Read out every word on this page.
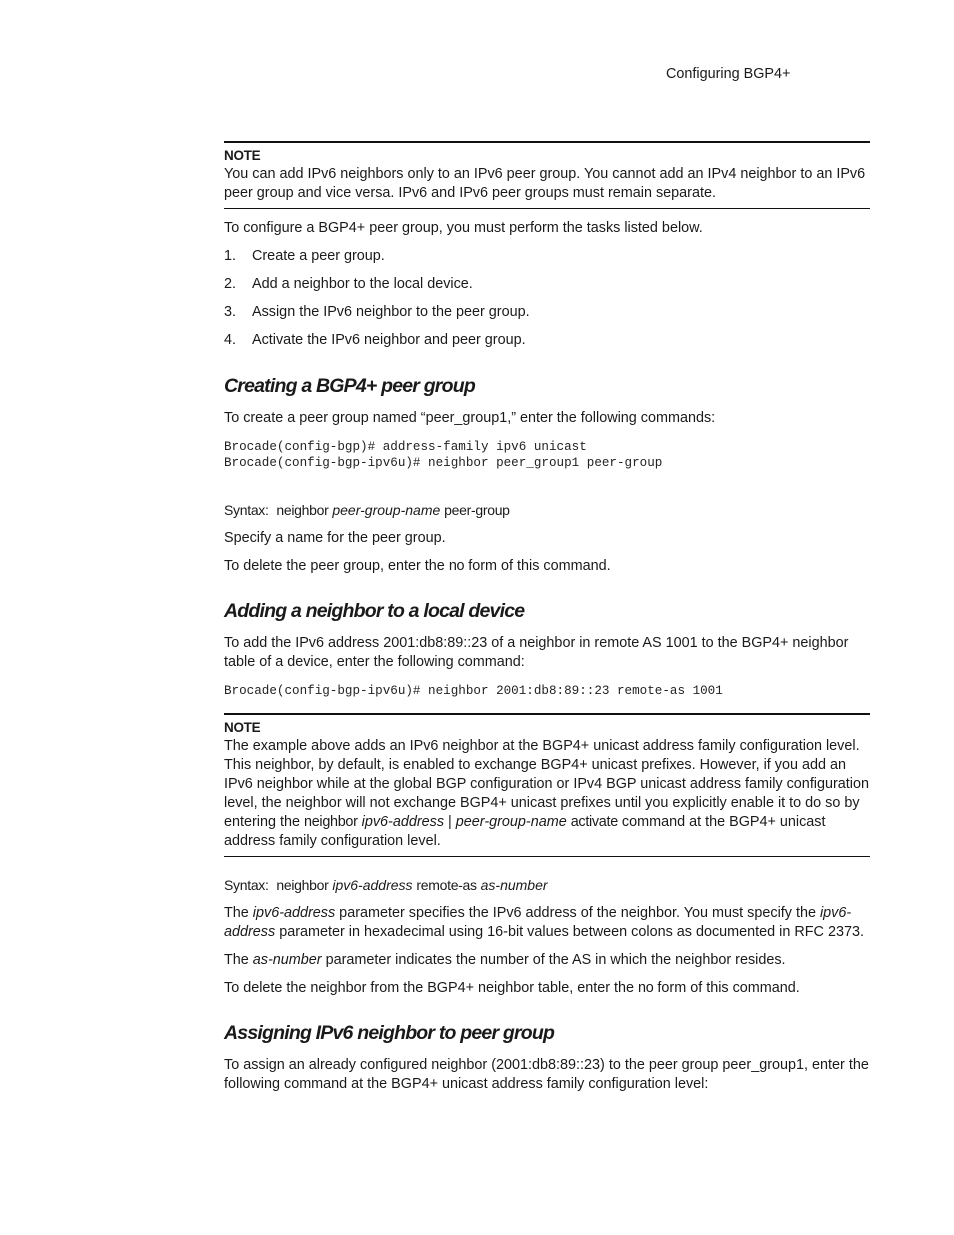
Configuring BGP4+
NOTE

You can add IPv6 neighbors only to an IPv6 peer group. You cannot add an IPv4 neighbor to an IPv6 peer group and vice versa. IPv6 and IPv6 peer groups must remain separate.

To configure a BGP4+ peer group, you must perform the tasks listed below.

1.	Create a peer group.
2.	Add a neighbor to the local device.
3.	Assign the IPv6 neighbor to the peer group.
4.	Activate the IPv6 neighbor and peer group.
Creating a BGP4+ peer group

To create a peer group named “peer_group1,” enter the following commands:

Brocade(config-bgp)# address-family ipv6 unicast
Brocade(config-bgp-ipv6u)# neighbor peer_group1 peer-group

Syntax: neighbor peer-group-name peer-group

Specify a name for the peer group.

To delete the peer group, enter the no form of this command.

Adding a neighbor to a local device

To add the IPv6 address 2001:db8:89::23 of a neighbor in remote AS 1001 to the BGP4+ neighbor table of a device, enter the following command:

Brocade(config-bgp-ipv6u)# neighbor 2001:db8:89::23 remote-as 1001
NOTE

The example above adds an IPv6 neighbor at the BGP4+ unicast address family configuration level. This neighbor, by default, is enabled to exchange BGP4+ unicast prefixes. However, if you add an IPv6 neighbor while at the global BGP configuration or IPv4 BGP unicast address family configuration level, the neighbor will not exchange BGP4+ unicast prefixes until you explicitly enable it to do so by entering the neighbor ipv6-address | peer-group-name activate command at the BGP4+ unicast address family configuration level.

Syntax: neighbor ipv6-address remote-as as-number

The ipv6-address parameter specifies the IPv6 address of the neighbor. You must specify the ipv6-address parameter in hexadecimal using 16-bit values between colons as documented in RFC 2373.

The as-number parameter indicates the number of the AS in which the neighbor resides.

To delete the neighbor from the BGP4+ neighbor table, enter the no form of this command.

Assigning IPv6 neighbor to peer group

To assign an already configured neighbor (2001:db8:89::23) to the peer group peer_group1, enter the following command at the BGP4+ unicast address family configuration level:
